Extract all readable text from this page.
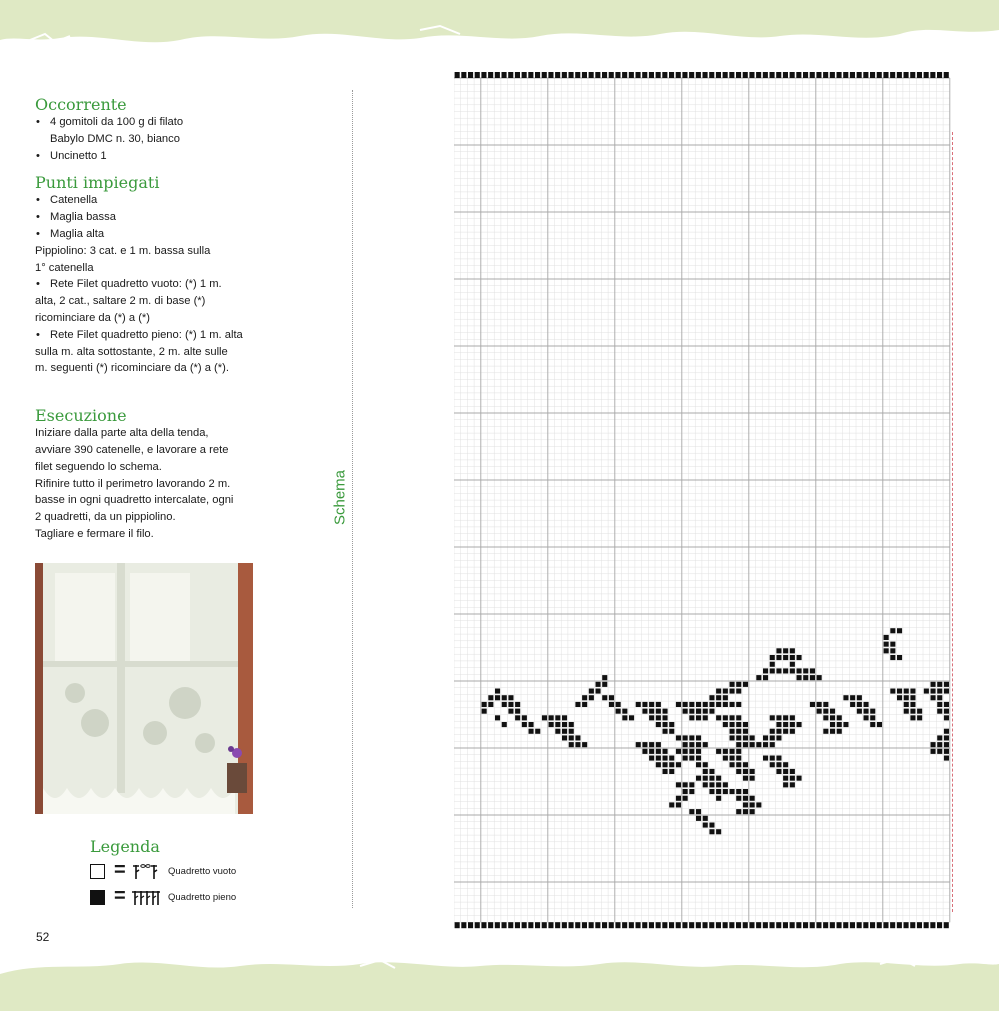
Occorrente
• 4 gomitoli da 100 g di filato

Babylo DMC n. 30, bianco

• Uncinetto 1
Punti impiegati
• Catenella
• Maglia bassa
• Maglia alta

Pippiolino: 3 cat. e 1 m. bassa sulla

1° catenella

• Rete Filet quadretto vuoto: (*) 1 m.

alta, 2 cat., saltare 2 m. di base (*)

ricominciare da (*) a (*)

• Rete Filet quadretto pieno: (*) 1 m. alta

sulla m. alta sottostante, 2 m. alte sulle

m. seguenti (*) ricominciare da (*) a (*).

Esecuzione

Iniziare dalla parte alta della tenda,

avviare 390 catenelle, e lavorare a rete

filet seguendo lo schema.

Rifinire tutto il perimetro lavorando 2 m.

basse in ogni quadretto intercalate, ogni

2 quadretti, da un pippiolino.

Tagliare e fermare il filo.

Legenda
=	Quadretto vuoto
=	Quadretto pieno
52
Schema
